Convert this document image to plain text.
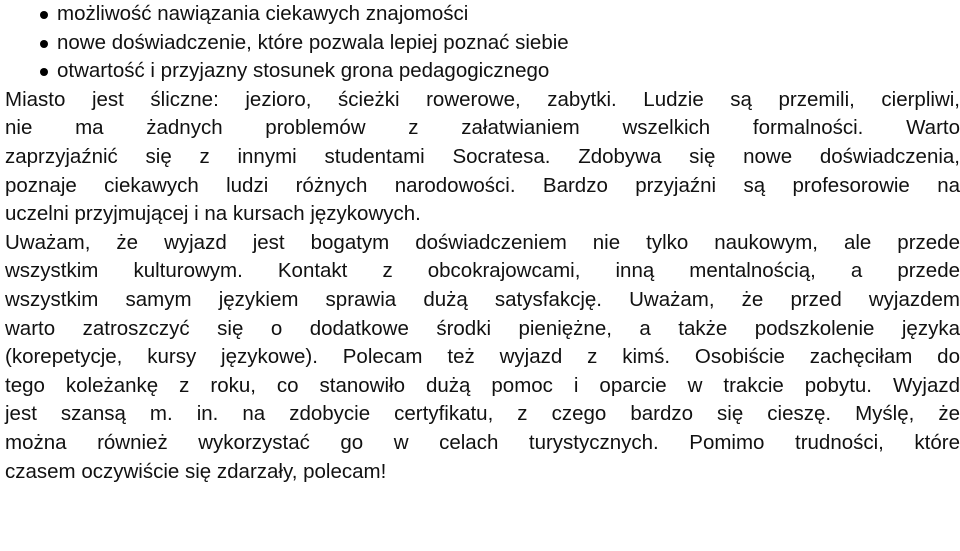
możliwość nawiązania ciekawych znajomości
nowe doświadczenie, które pozwala lepiej poznać siebie
otwartość i przyjazny stosunek grona pedagogicznego

Miasto jest śliczne: jezioro, ścieżki rowerowe, zabytki. Ludzie są przemili, cierpliwi,
nie ma żadnych problemów z załatwianiem wszelkich formalności. Warto
zaprzyjaźnić się z innymi studentami Socratesa. Zdobywa się nowe doświadczenia,
poznaje ciekawych ludzi różnych narodowości. Bardzo przyjaźni są profesorowie na
uczelni przyjmującej i na kursach językowych.

Uważam, że wyjazd jest bogatym doświadczeniem nie tylko naukowym, ale przede
wszystkim kulturowym. Kontakt z obcokrajowcami, inną mentalnością, a przede
wszystkim samym językiem sprawia dużą satysfakcję. Uważam, że przed wyjazdem
warto zatroszczyć się o dodatkowe środki pieniężne, a także podszkolenie języka
(korepetycje, kursy językowe). Polecam też wyjazd z kimś. Osobiście zachęciłam do
tego koleżankę z roku, co stanowiło dużą pomoc i oparcie w trakcie pobytu. Wyjazd
jest szansą m. in. na zdobycie certyfikatu, z czego bardzo się cieszę. Myślę, że
można również wykorzystać go w celach turystycznych. Pomimo trudności, które
czasem oczywiście się zdarzały, polecam!
